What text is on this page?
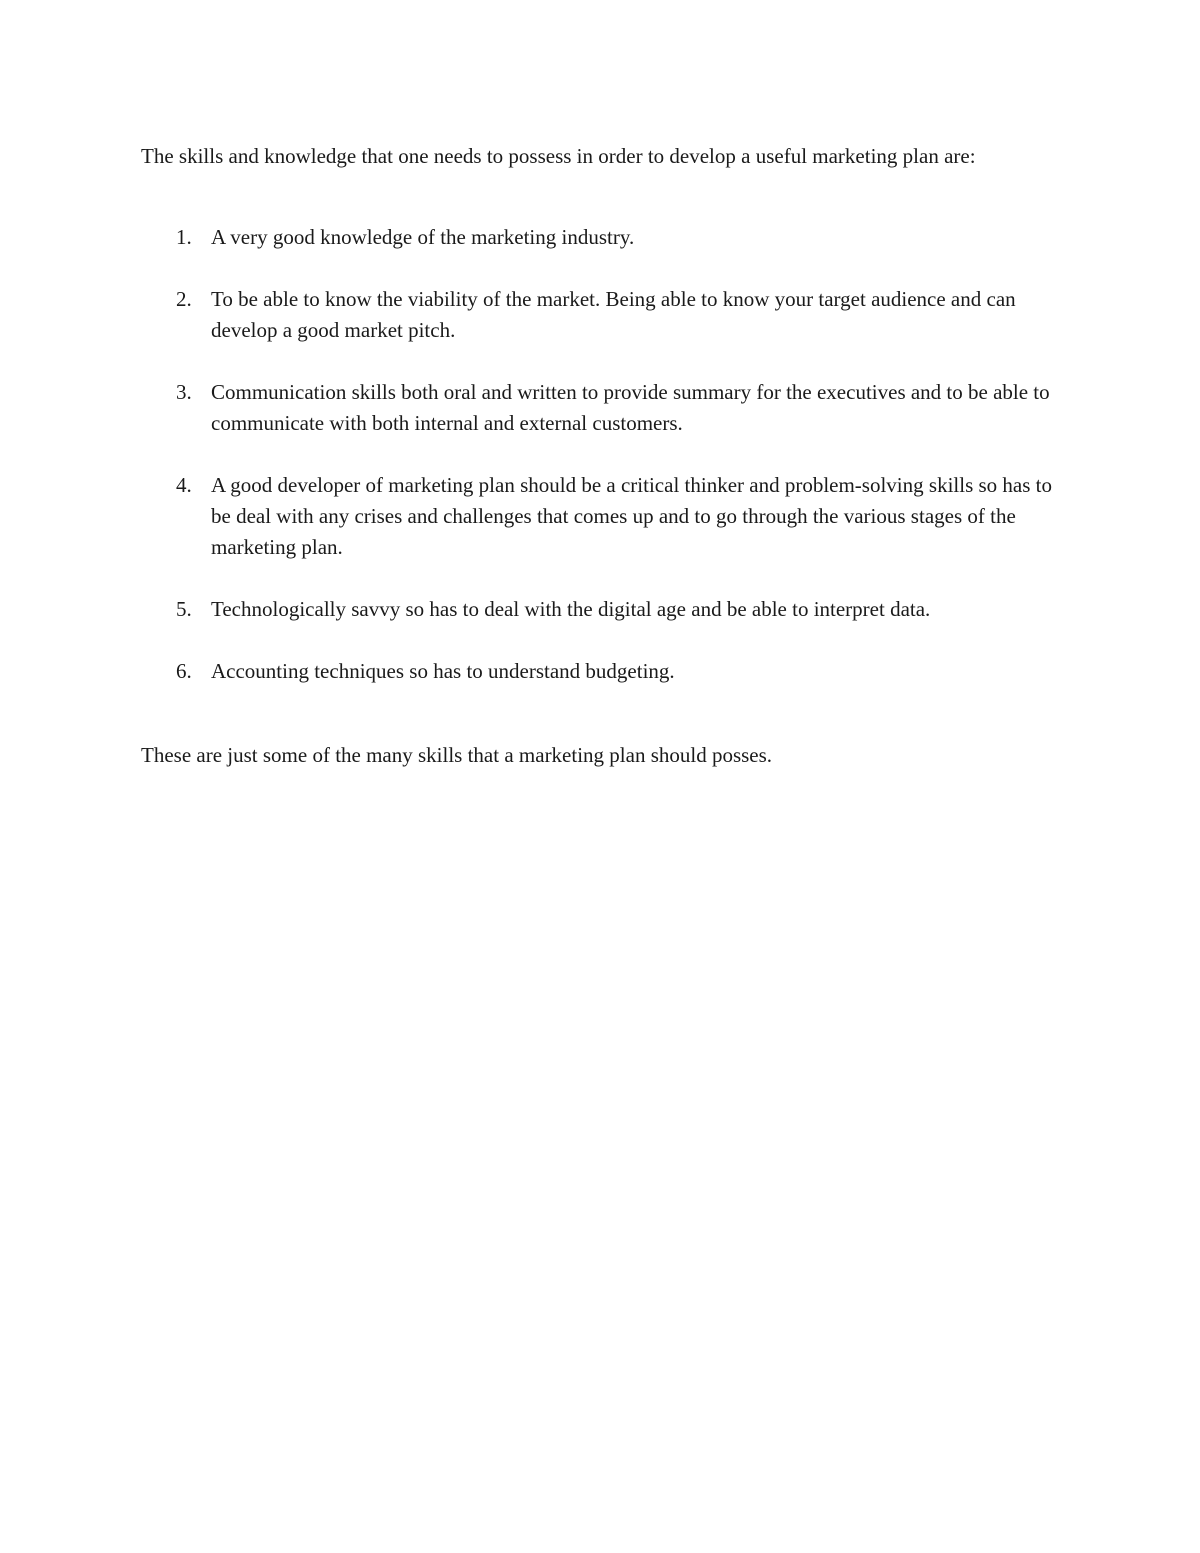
The skills and knowledge that one needs to possess in order to develop a useful marketing plan are:

1. A very good knowledge of the marketing industry.
2. To be able to know the viability of the market. Being able to know your target audience and can develop a good market pitch.
3. Communication skills both oral and written to provide summary for the executives and to be able to communicate with both internal and external customers.
4. A good developer of marketing plan should be a critical thinker and problem-solving skills so has to be deal with any crises and challenges that comes up and to go through the various stages of the marketing plan.
5. Technologically savvy so has to deal with the digital age and be able to interpret data.
6. Accounting techniques so has to understand budgeting.

These are just some of the many skills that a marketing plan should posses.
